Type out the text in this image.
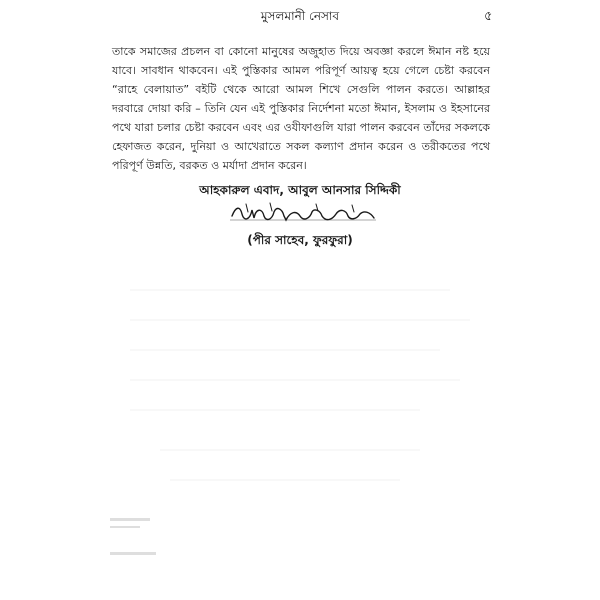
মুসলমানী নেসাব	৫

তাকে সমাজের প্রচলন বা কোনো মানুষের অজুহাত দিয়ে অবজ্ঞা করলে ঈমান নষ্ট হয়ে যাবে। সাবধান থাকবেন। এই পুস্তিকার আমল পরিপূর্ণ আয়ত্ব হয়ে গেলে চেষ্টা করবেন “রাহে বেলায়াত” বইটি থেকে আরো আমল শিখে সেগুলি পালন করতে। আল্লাহর দরবারে দোয়া করি – তিনি যেন এই পুস্তিকার নির্দেশনা মতো ঈমান, ইসলাম ও ইহসানের পথে যারা চলার চেষ্টা করবেন এবং এর ওযীফাগুলি যারা পালন করবেন তাঁদের সকলকে হেফাজত করেন, দুনিয়া ও আখেরাতে সকল কল্যাণ প্রদান করেন ও তরীকতের পথে পরিপূর্ণ উন্নতি, বরকত ও মর্যাদা প্রদান করেন।

আহকারুল এবাদ, আবুল আনসার সিদ্দিকী
(পীর সাহেব, ফুরফুরা)
